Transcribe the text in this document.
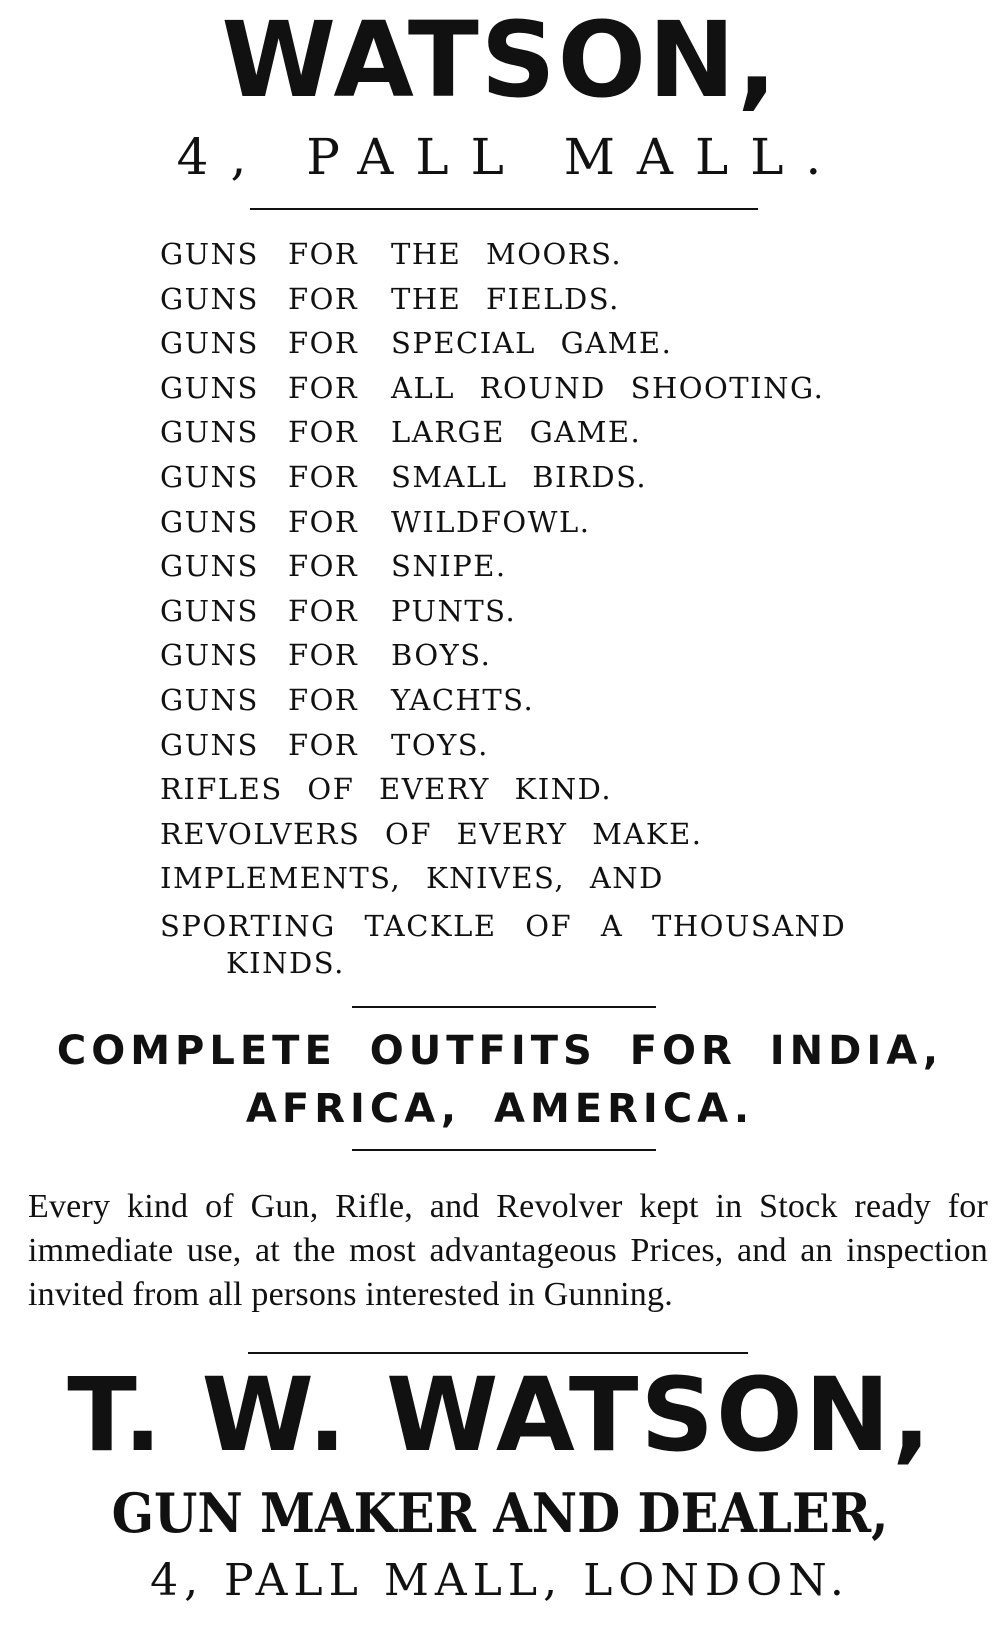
WATSON,
4, PALL MALL.
GUNS FOR THE MOORS.
GUNS FOR THE FIELDS.
GUNS FOR SPECIAL GAME.
GUNS FOR ALL ROUND SHOOTING.
GUNS FOR LARGE GAME.
GUNS FOR SMALL BIRDS.
GUNS FOR WILDFOWL.
GUNS FOR SNIPE.
GUNS FOR PUNTS.
GUNS FOR BOYS.
GUNS FOR YACHTS.
GUNS FOR TOYS.
RIFLES OF EVERY KIND.
REVOLVERS OF EVERY MAKE.
IMPLEMENTS, KNIVES, AND
SPORTING TACKLE OF A THOUSAND
KINDS.
COMPLETE OUTFITS FOR INDIA,
AFRICA, AMERICA.
Every kind of Gun, Rifle, and Revolver kept in Stock ready for immediate use, at the most advantageous Prices, and an inspection invited from all persons interested in Gunning.
T. W. WATSON,
GUN MAKER AND DEALER,
4, PALL MALL, LONDON.
